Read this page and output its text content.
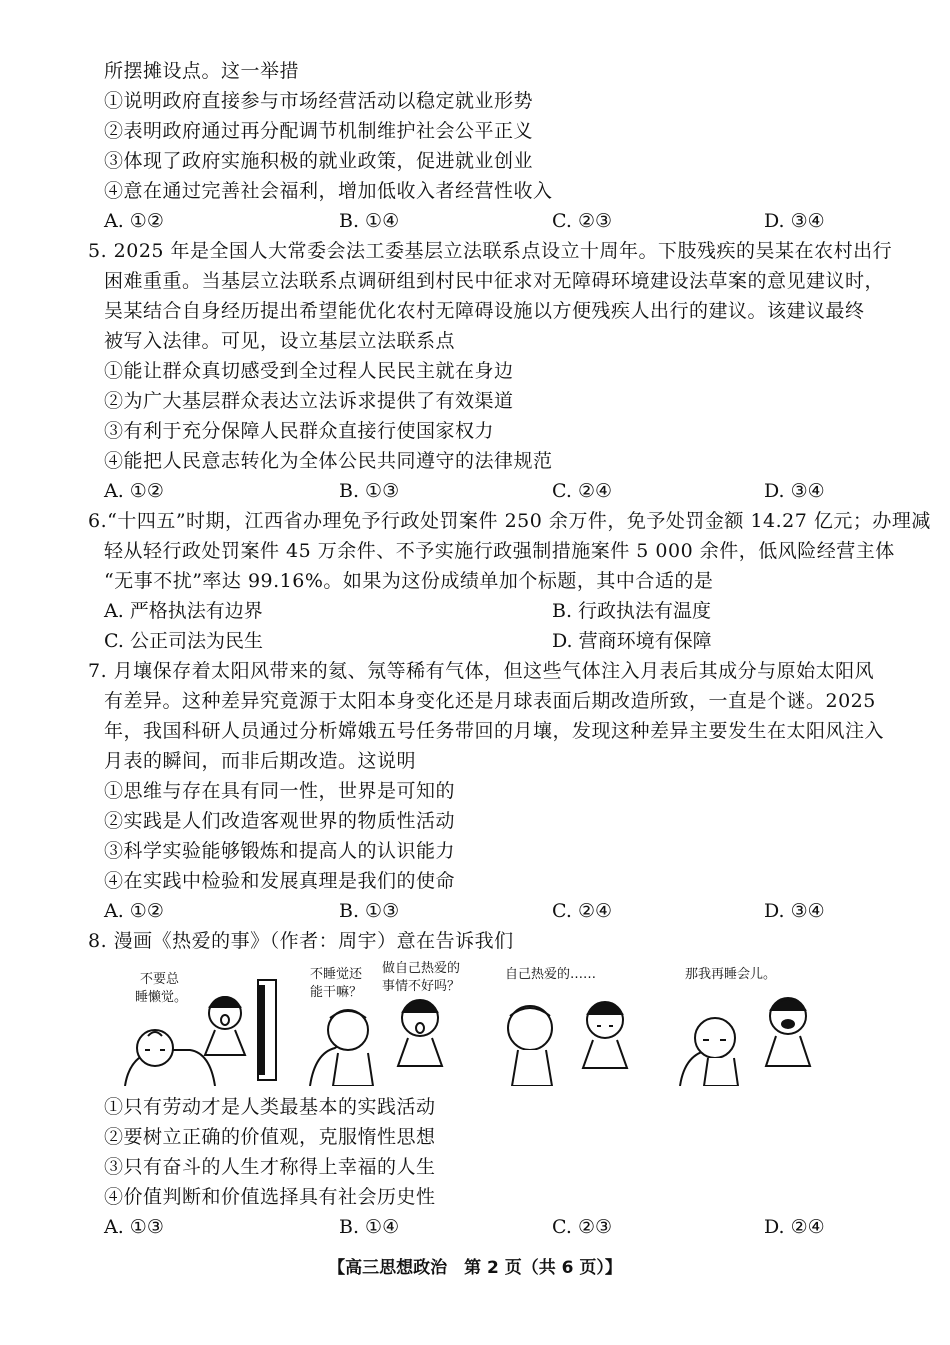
所摆摊设点。这一举措
①说明政府直接参与市场经营活动以稳定就业形势
②表明政府通过再分配调节机制维护社会公平正义
③体现了政府实施积极的就业政策，促进就业创业
④意在通过完善社会福利，增加低收入者经营性收入
A. ①②	B. ①④	C. ②③	D. ③④
5. 2025 年是全国人大常委会法工委基层立法联系点设立十周年。下肢残疾的吴某在农村出行
困难重重。当基层立法联系点调研组到村民中征求对无障碍环境建设法草案的意见建议时，
吴某结合自身经历提出希望能优化农村无障碍设施以方便残疾人出行的建议。该建议最终
被写入法律。可见，设立基层立法联系点
①能让群众真切感受到全过程人民民主就在身边
②为广大基层群众表达立法诉求提供了有效渠道
③有利于充分保障人民群众直接行使国家权力
④能把人民意志转化为全体公民共同遵守的法律规范
A. ①②	B. ①③	C. ②④	D. ③④
6.“十四五”时期，江西省办理免予行政处罚案件 250 余万件，免予处罚金额 14.27 亿元；办理减
轻从轻行政处罚案件 45 万余件、不予实施行政强制措施案件 5 000 余件，低风险经营主体
“无事不扰”率达 99.16%。如果为这份成绩单加个标题，其中合适的是
A. 严格执法有边界	B. 行政执法有温度
C. 公正司法为民生	D. 营商环境有保障
7. 月壤保存着太阳风带来的氦、氖等稀有气体，但这些气体注入月表后其成分与原始太阳风
有差异。这种差异究竟源于太阳本身变化还是月球表面后期改造所致，一直是个谜。2025
年，我国科研人员通过分析嫦娥五号任务带回的月壤，发现这种差异主要发生在太阳风注入
月表的瞬间，而非后期改造。这说明
①思维与存在具有同一性，世界是可知的
②实践是人们改造客观世界的物质性活动
③科学实验能够锻炼和提高人的认识能力
④在实践中检验和发展真理是我们的使命
A. ①②	B. ①③	C. ②④	D. ③④
8. 漫画《热爱的事》（作者：周宇）意在告诉我们
不要总
睡懒觉。
不睡觉还
能干嘛？
做自己热爱的
事情不好吗？
自己热爱的……	那我再睡会儿。
①只有劳动才是人类最基本的实践活动
②要树立正确的价值观，克服惰性思想
③只有奋斗的人生才称得上幸福的人生
④价值判断和价值选择具有社会历史性
A. ①③	B. ①④	C. ②③	D. ②④
【高三思想政治　第 2 页（共 6 页）】
